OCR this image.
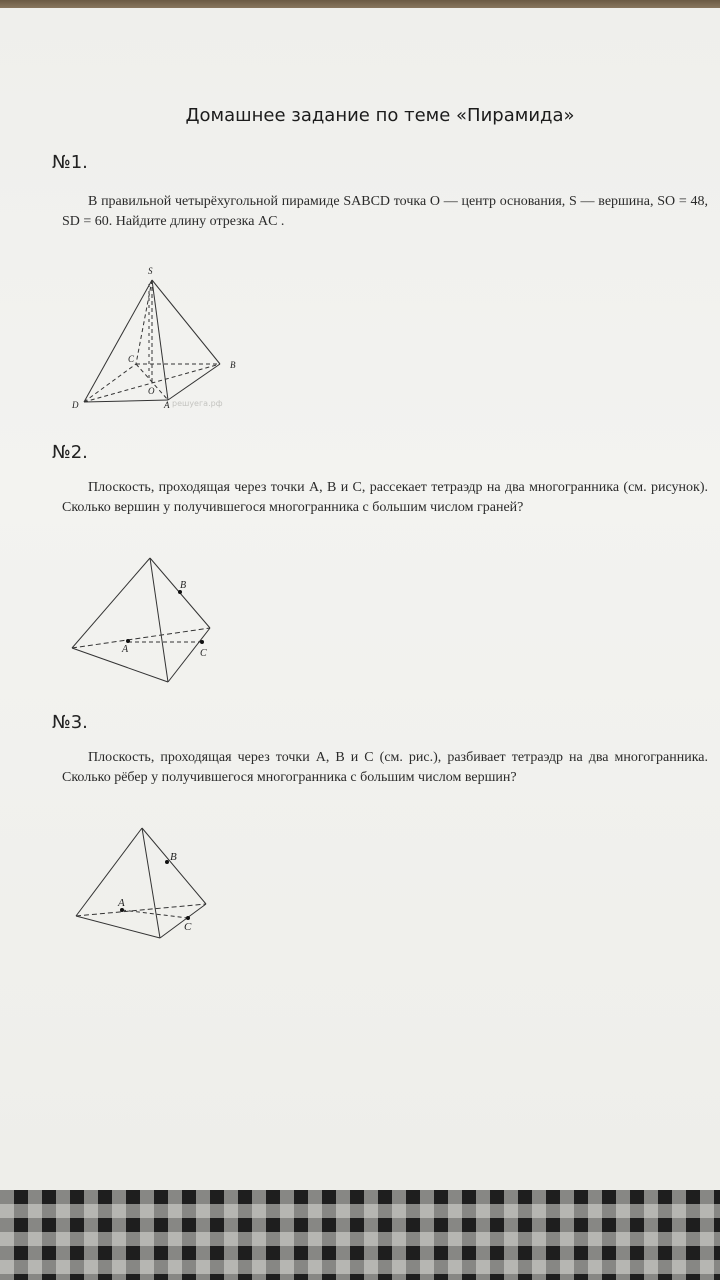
Домашнее задание по теме «Пирамида»
№1.
В правильной четырёхугольной пирамиде SABCD точка O — центр основания, S — вершина, SO = 48, SD = 60. Найдите длину отрезка AC .
S
B
C
O
D	A решуега.рф
№2.
Плоскость, проходящая через точки A, B и C, рассекает тетраэдр на два многогранника (см. рисунок). Сколько вершин у получившегося многогранника с большим числом граней?
B
A	C
№3.
Плоскость, проходящая через точки A, B и C (см. рис.), разбивает тетраэдр на два многогранника. Сколько рёбер у получившегося многогранника с большим числом вершин?
B
A
C
